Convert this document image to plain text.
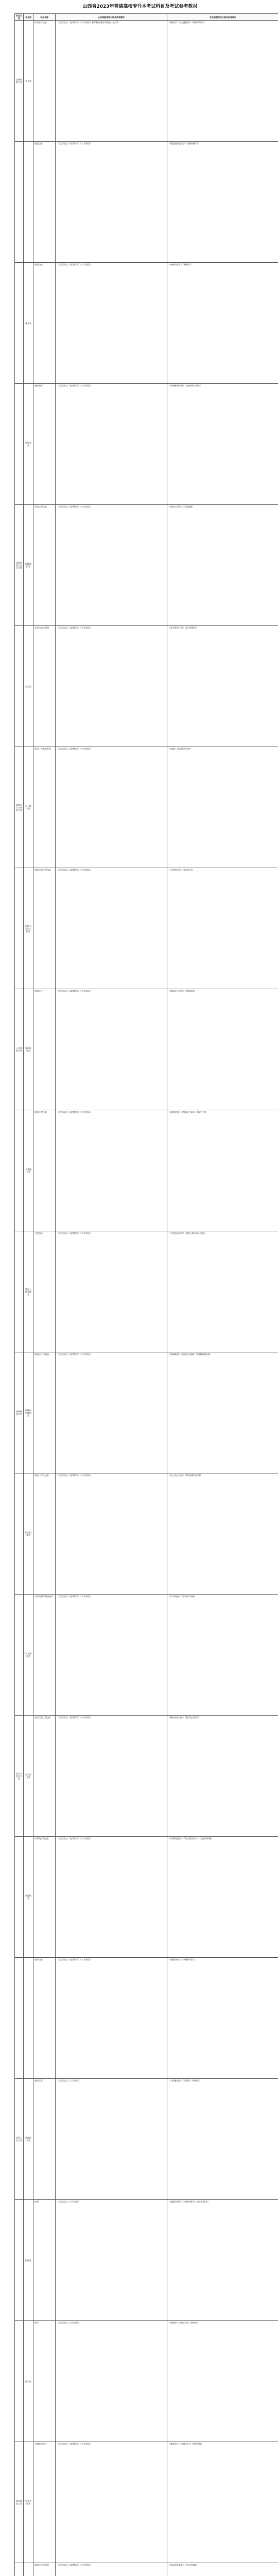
山西省2023年普通高校专升本考试科目及考试参考教材
专业大类	专业类	专业名称	公共课程考试大纲及参考教材	专业课程考试大纲及参考教材
农林牧渔大类	农业类	作物生产技术	《大学语文》《高等数学》《大学英语》参考教材见省考试院公布目录	《植物学》《土壤肥料学》《作物栽培学》
		园艺技术	《大学语文》《高等数学》《大学英语》	《园艺植物栽培学》《植物保护学》
	林业类	林业技术	《大学语文》《高等数学》《大学英语》	《森林培育学》《测树学》
	畜牧业类	畜牧兽医	《大学语文》《高等数学》《大学英语》	《动物解剖生理》《动物营养与饲料》
资源环境与安全大类	环境保护类	环境工程技术	《大学语文》《高等数学》《大学英语》	《环境工程学》《环境监测》
	安全类	安全技术与管理	《大学语文》《高等数学》《大学英语》	《安全系统工程》《安全管理学》
能源动力与材料大类	电力技术类	发电厂及电力系统	《大学语文》《高等数学》《大学英语》	《电路》《电力系统分析》
	热能与发电工程类	热能动力工程技术	《大学语文》《高等数学》《大学英语》	《工程热力学》《流体力学》
土木建筑大类	建筑设计类	建筑设计	《大学语文》《高等数学》《大学英语》	《建筑设计原理》《建筑构造》
	土建施工类	建筑工程技术	《大学语文》《高等数学》《大学英语》	《建筑材料》《建筑施工技术》《建筑力学》
	建设工程管理类	工程造价	《大学语文》《高等数学》《大学英语》	《工程造价管理》《建筑工程计量与计价》
装备制造大类	机械设计制造类	机械设计与制造	《大学语文》《高等数学》《大学英语》	《机械制图》《机械设计基础》《机械制造技术》
	机电设备类	机电一体化技术	《大学语文》《高等数学》《大学英语》	《电工电子技术》《PLC原理与应用》
	汽车制造类	汽车检测与维修技术	《大学语文》《高等数学》《大学英语》	《汽车构造》《汽车电气设备》
电子与信息大类	电子信息类	电子信息工程技术	《大学语文》《高等数学》《大学英语》	《模拟电子技术》《数字电子技术》
	计算机类	计算机应用技术	《大学语文》《高等数学》《大学英语》	《计算机基础》《C语言程序设计》《数据库原理》
		软件技术	《大学语文》《高等数学》《大学英语》	《数据结构》《Java程序设计》
医药卫生大类	临床医学类	临床医学	《大学语文》《大学英语》	《人体解剖学》《生理学》《病理学》
	护理类	护理	《大学语文》《大学英语》	《基础护理学》《内科护理学》《外科护理学》
	药学类	药学	《大学语文》《大学英语》	《药理学》《药物化学》《药剂学》
财经商贸大类	财务会计类	大数据与会计	《大学语文》《高等数学》《大学英语》	《基础会计》《财务会计》《财务管理》
		国际经济与贸易	《大学语文》《高等数学》《大学英语》	《国际贸易实务》《经济学基础》
